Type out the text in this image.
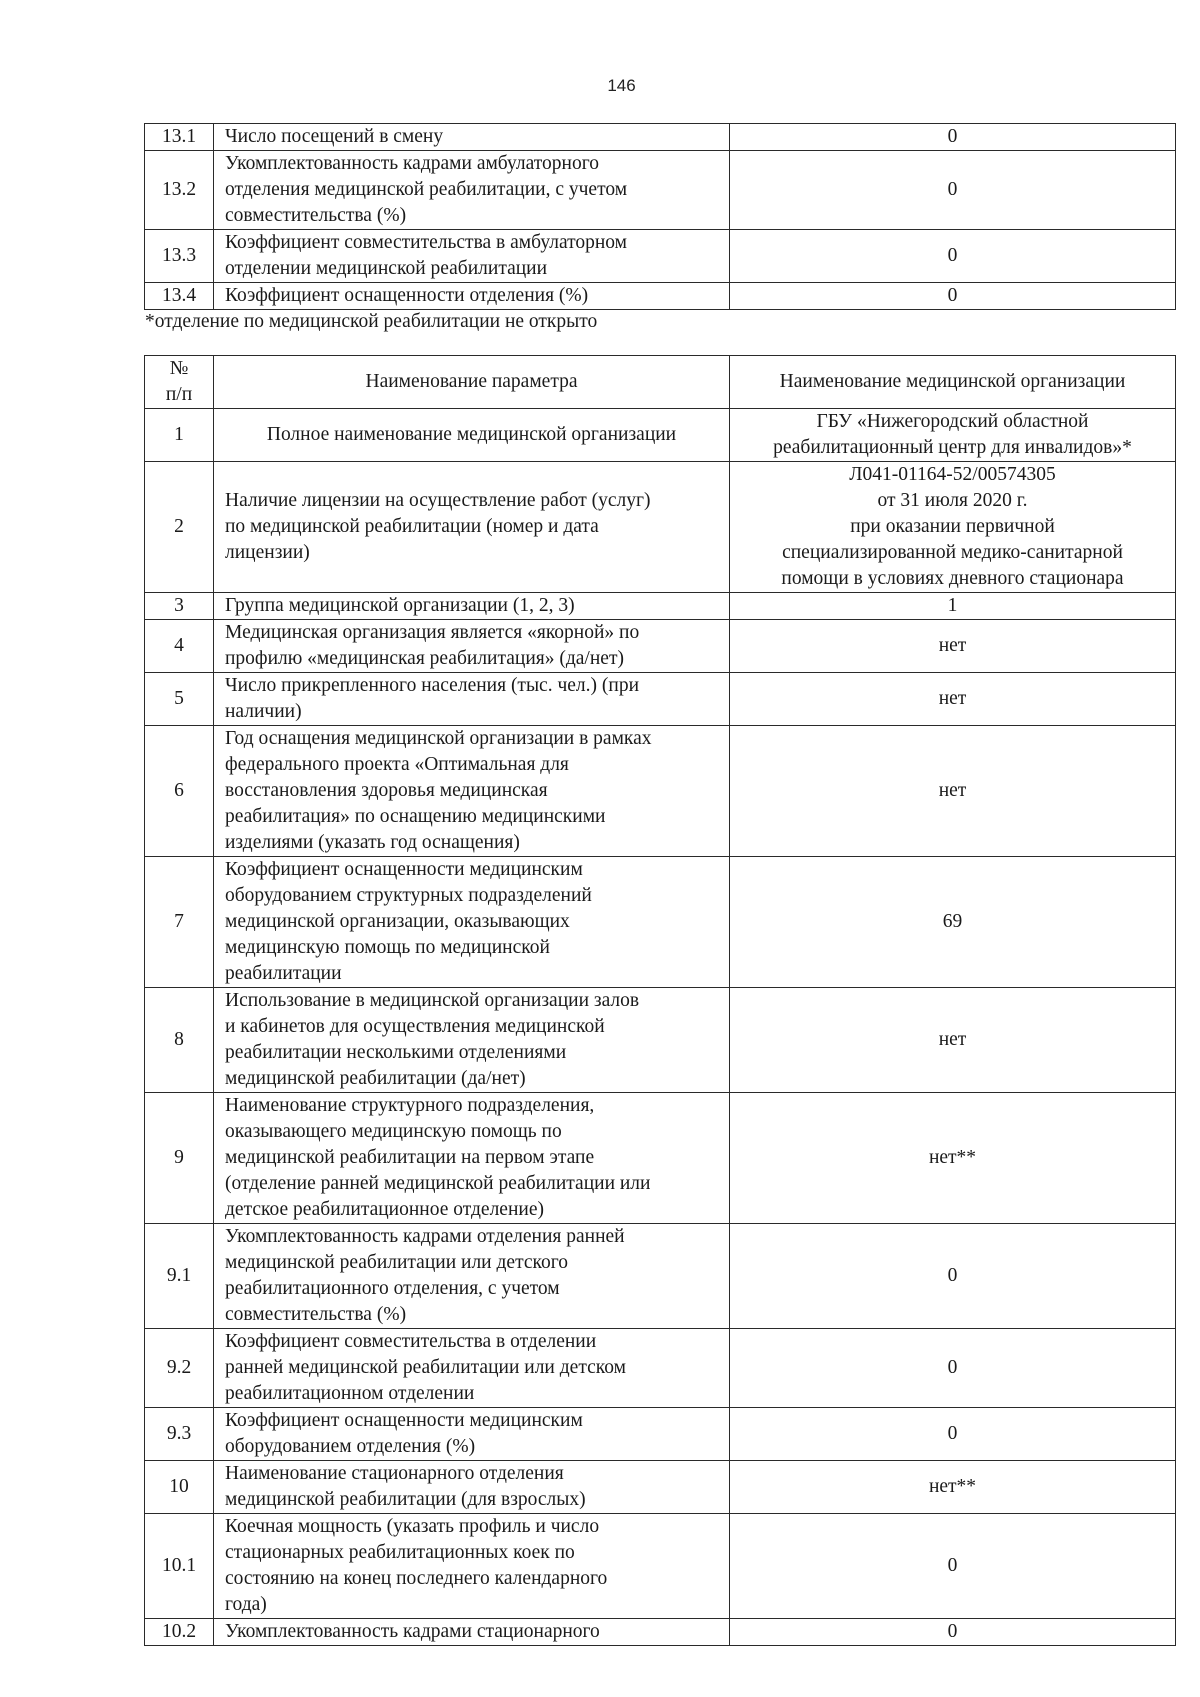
146
13.1	Число посещений в смену	0
13.2	Укомплектованность кадрами амбулаторного
отделения медицинской реабилитации, с учетом
совместительства (%)	0
13.3	Коэффициент совместительства в амбулаторном
отделении медицинской реабилитации	0
13.4	Коэффициент оснащенности отделения (%)	0
*отделение по медицинской реабилитации не открыто
№
п/п	Наименование параметра	Наименование медицинской организации
1	Полное наименование медицинской организации	ГБУ «Нижегородский областной
реабилитационный центр для инвалидов»*
2	Наличие лицензии на осуществление работ (услуг)
по медицинской реабилитации (номер и дата
лицензии)	Л041-01164-52/00574305
от 31 июля 2020 г.
при оказании первичной
специализированной медико-санитарной
помощи в условиях дневного стационара
3	Группа медицинской организации (1, 2, 3)	1
4	Медицинская организация является «якорной» по
профилю «медицинская реабилитация» (да/нет)	нет
5	Число прикрепленного населения (тыс. чел.) (при
наличии)	нет
6	Год оснащения медицинской организации в рамках
федерального проекта «Оптимальная для
восстановления здоровья медицинская
реабилитация» по оснащению медицинскими
изделиями (указать год оснащения)	нет
7	Коэффициент оснащенности медицинским
оборудованием структурных подразделений
медицинской организации, оказывающих
медицинскую помощь по медицинской
реабилитации	69
8	Использование в медицинской организации залов
и кабинетов для осуществления медицинской
реабилитации несколькими отделениями
медицинской реабилитации (да/нет)	нет
9	Наименование структурного подразделения,
оказывающего медицинскую помощь по
медицинской реабилитации на первом этапе
(отделение ранней медицинской реабилитации или
детское реабилитационное отделение)	нет**
9.1	Укомплектованность кадрами отделения ранней
медицинской реабилитации или детского
реабилитационного отделения, с учетом
совместительства (%)	0
9.2	Коэффициент совместительства в отделении
ранней медицинской реабилитации или детском
реабилитационном отделении	0
9.3	Коэффициент оснащенности медицинским
оборудованием отделения (%)	0
10	Наименование стационарного отделения
медицинской реабилитации (для взрослых)	нет**
10.1	Коечная мощность (указать профиль и число
стационарных реабилитационных коек по
состоянию на конец последнего календарного
года)	0
10.2	Укомплектованность кадрами стационарного	0
